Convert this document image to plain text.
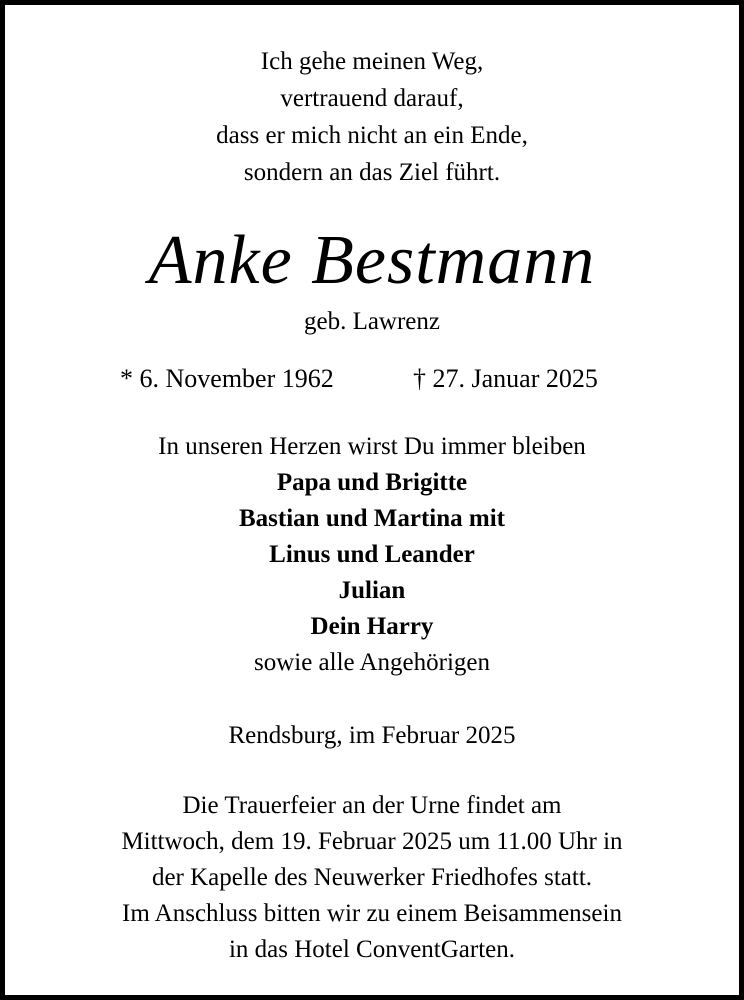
Ich gehe meinen Weg,
vertrauend darauf,
dass er mich nicht an ein Ende,
sondern an das Ziel führt.
Anke Bestmann
geb. Lawrenz
* 6. November 1962	† 27. Januar 2025
In unseren Herzen wirst Du immer bleiben
Papa und Brigitte
Bastian und Martina mit
Linus und Leander
Julian
Dein Harry
sowie alle Angehörigen
Rendsburg, im Februar 2025
Die Trauerfeier an der Urne findet am
Mittwoch, dem 19. Februar 2025 um 11.00 Uhr in
der Kapelle des Neuwerker Friedhofes statt.
Im Anschluss bitten wir zu einem Beisammensein
in das Hotel ConventGarten.
